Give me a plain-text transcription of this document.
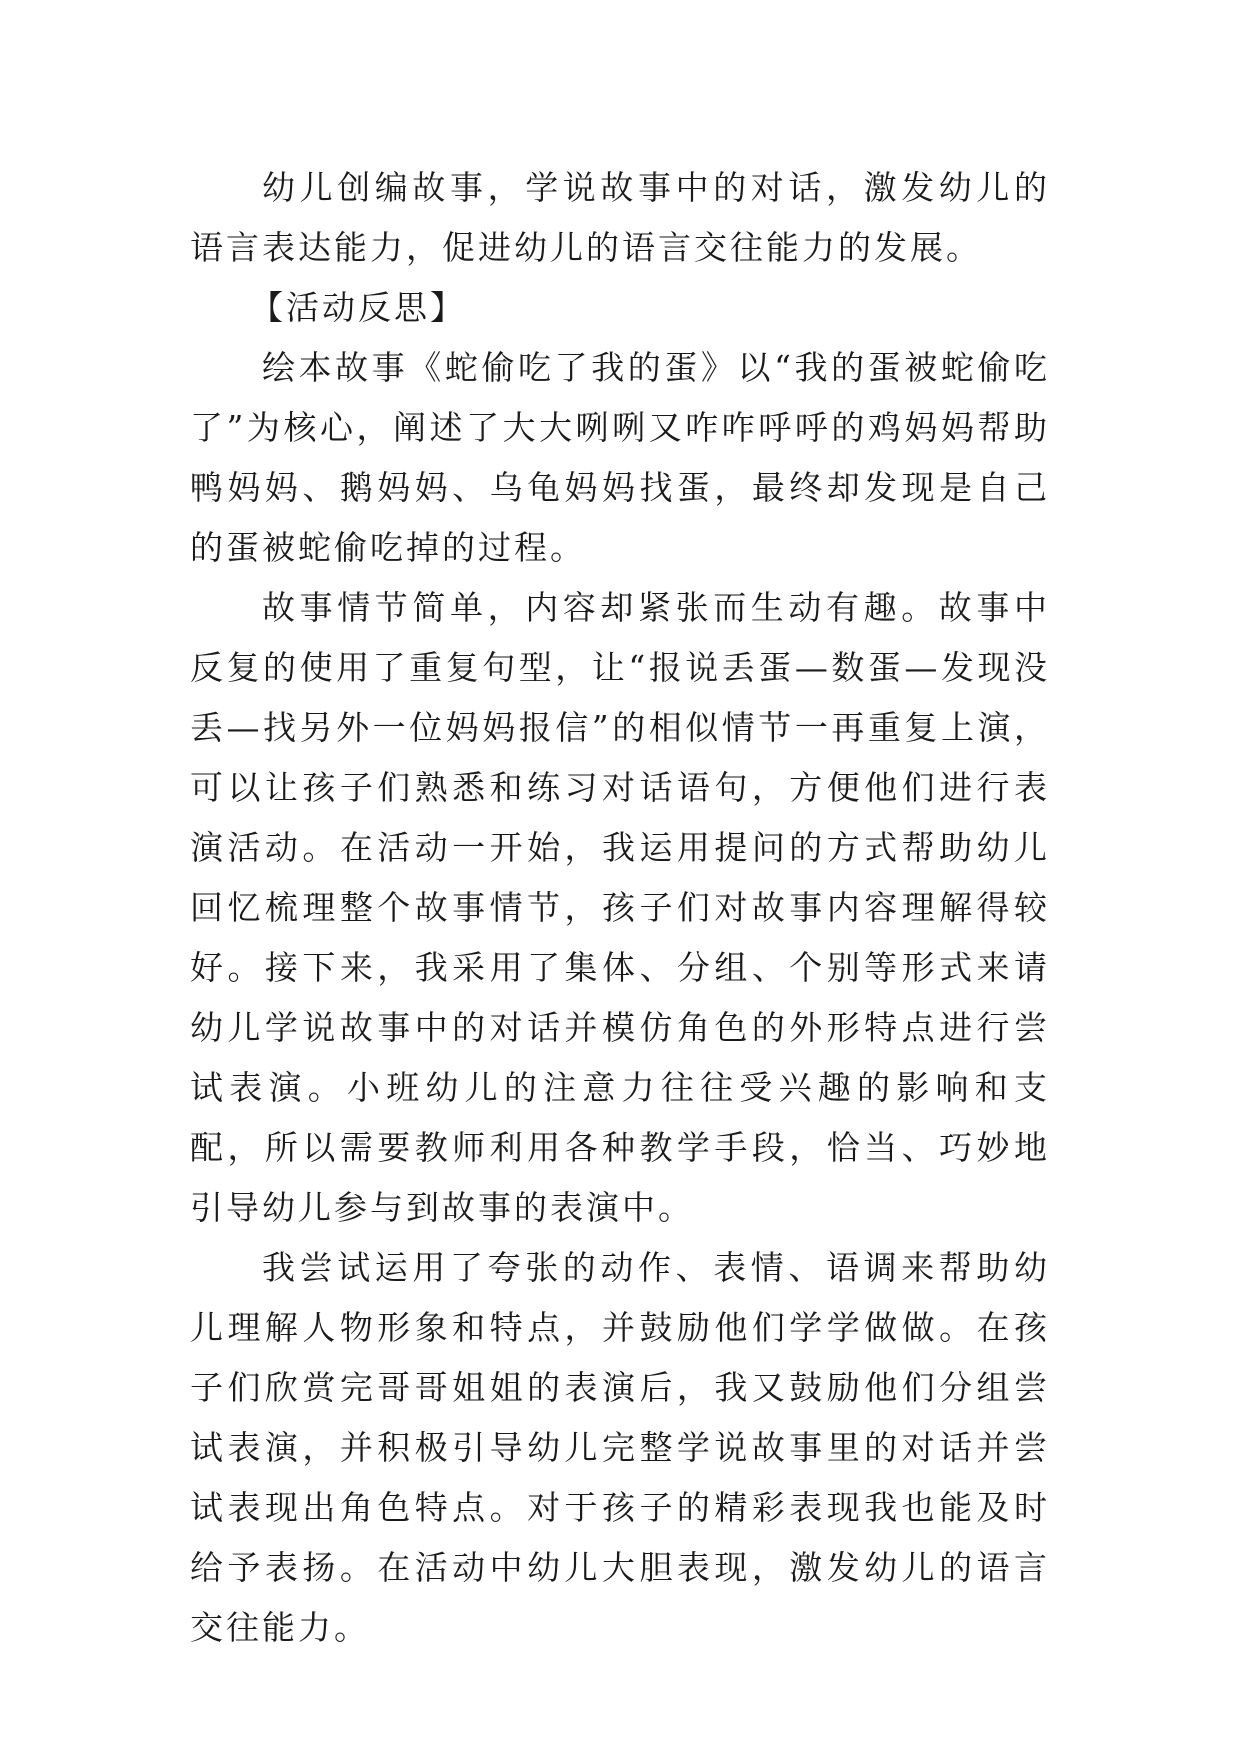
幼儿创编故事，学说故事中的对话，激发幼儿的语言表达能力，促进幼儿的语言交往能力的发展。

【活动反思】

绘本故事《蛇偷吃了我的蛋》以“我的蛋被蛇偷吃了”为核心，阐述了大大咧咧又咋咋呼呼的鸡妈妈帮助鸭妈妈、鹅妈妈、乌龟妈妈找蛋，最终却发现是自己的蛋被蛇偷吃掉的过程。

故事情节简单，内容却紧张而生动有趣。故事中反复的使用了重复句型，让“报说丢蛋—数蛋—发现没丢—找另外一位妈妈报信”的相似情节一再重复上演，可以让孩子们熟悉和练习对话语句，方便他们进行表演活动。在活动一开始，我运用提问的方式帮助幼儿回忆梳理整个故事情节，孩子们对故事内容理解得较好。接下来，我采用了集体、分组、个别等形式来请幼儿学说故事中的对话并模仿角色的外形特点进行尝试表演。小班幼儿的注意力往往受兴趣的影响和支配，所以需要教师利用各种教学手段，恰当、巧妙地引导幼儿参与到故事的表演中。

我尝试运用了夸张的动作、表情、语调来帮助幼儿理解人物形象和特点，并鼓励他们学学做做。在孩子们欣赏完哥哥姐姐的表演后，我又鼓励他们分组尝试表演，并积极引导幼儿完整学说故事里的对话并尝试表现出角色特点。对于孩子的精彩表现我也能及时给予表扬。在活动中幼儿大胆表现，激发幼儿的语言交往能力。
